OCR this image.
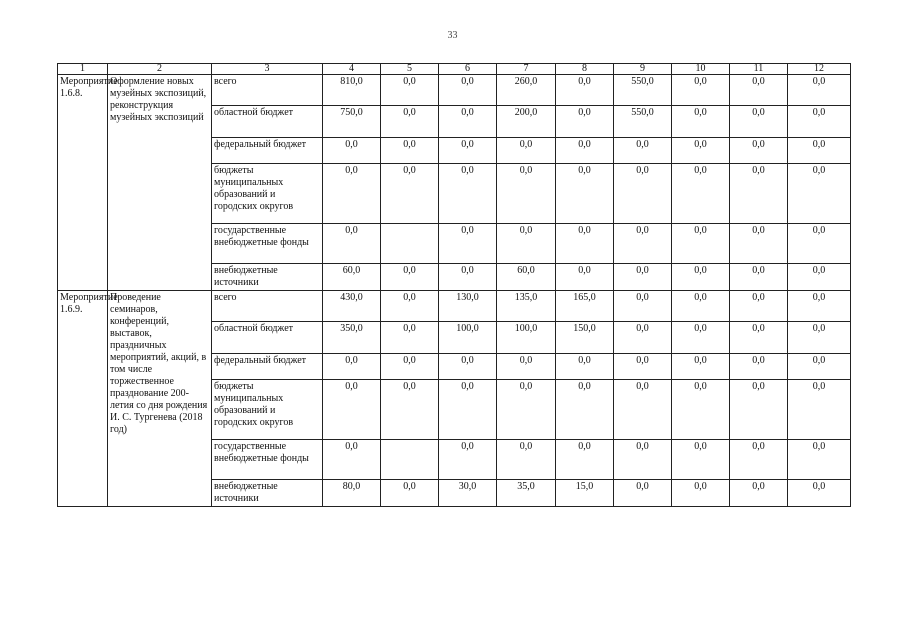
33
1	2	3	4	5	6	7	8	9	10	11	12
Мероприятие 1.6.8.	Оформление новых музейных экспозиций, реконструкция музейных экспозиций	всего	810,0	0,0	0,0	260,0	0,0	550,0	0,0	0,0	0,0
		областной бюджет	750,0	0,0	0,0	200,0	0,0	550,0	0,0	0,0	0,0
		федеральный бюджет	0,0	0,0	0,0	0,0	0,0	0,0	0,0	0,0	0,0
		бюджеты муниципальных образований и городских округов	0,0	0,0	0,0	0,0	0,0	0,0	0,0	0,0	0,0
		государственные внебюджетные фонды	0,0		0,0	0,0	0,0	0,0	0,0	0,0	0,0
		внебюджетные источники	60,0	0,0	0,0	60,0	0,0	0,0	0,0	0,0	0,0
Мероприятие 1.6.9.	Проведение семинаров, конференций, выставок, праздничных мероприятий, акций, в том числе торжественное празднование 200-летия со дня рождения И. С. Тургенева (2018 год)	всего	430,0	0,0	130,0	135,0	165,0	0,0	0,0	0,0	0,0
		областной бюджет	350,0	0,0	100,0	100,0	150,0	0,0	0,0	0,0	0,0
		федеральный бюджет	0,0	0,0	0,0	0,0	0,0	0,0	0,0	0,0	0,0
		бюджеты муниципальных образований и городских округов	0,0	0,0	0,0	0,0	0,0	0,0	0,0	0,0	0,0
		государственные внебюджетные фонды	0,0		0,0	0,0	0,0	0,0	0,0	0,0	0,0
		внебюджетные источники	80,0	0,0	30,0	35,0	15,0	0,0	0,0	0,0	0,0
